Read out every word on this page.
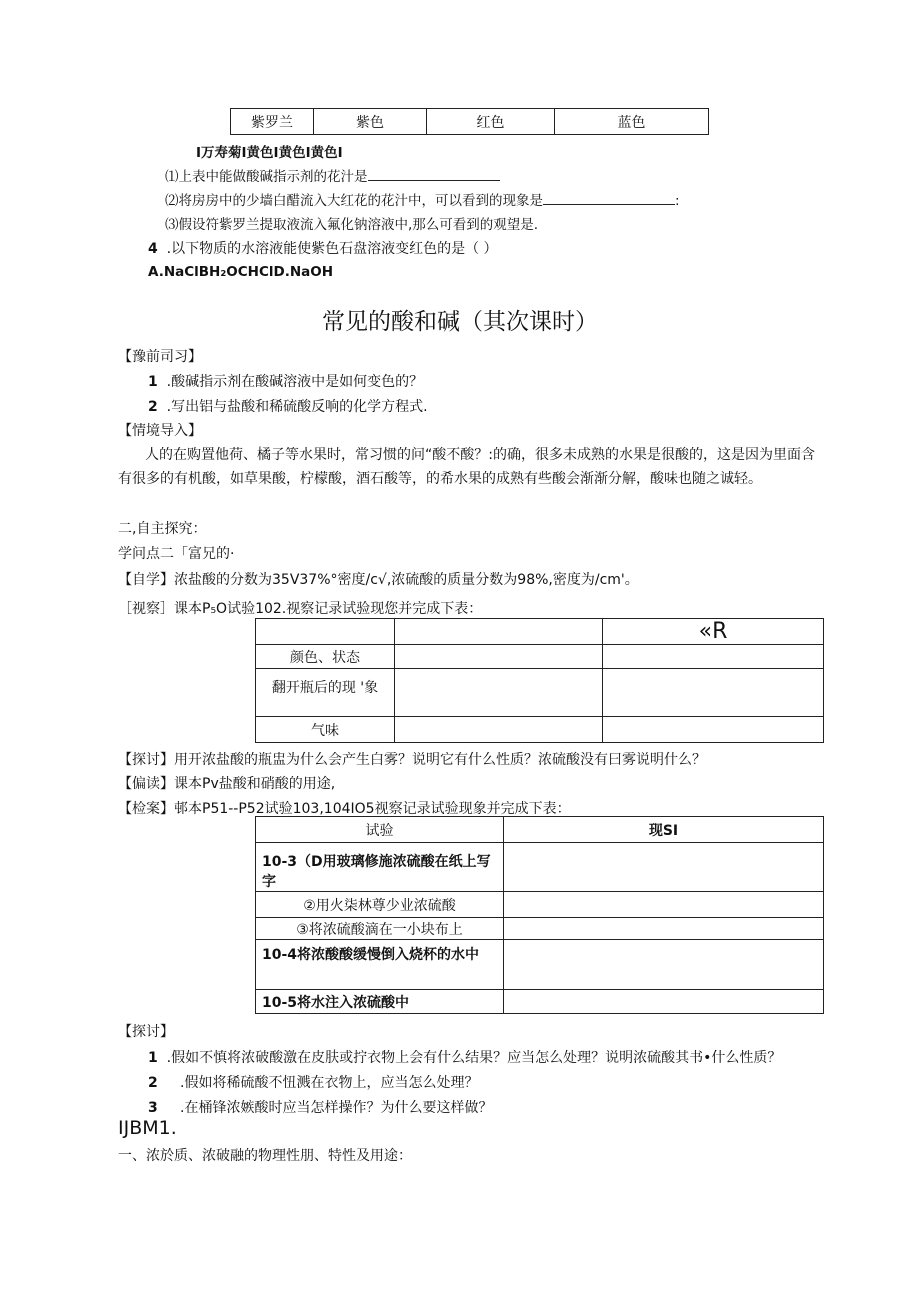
紫罗兰	紫色	红色	蓝色
I万寿菊I黄色I黄色I黄色I
⑴上表中能做酸碱指示剂的花汁是
⑵将房房中的少墙白醋流入大红花的花汁中，可以看到的现象是	:
⑶假设符紫罗兰提取液流入氟化钠溶液中,那么可看到的观望是.
4 .以下物质的水溶液能使紫色石盘溶液变红色的是（ ）
A.NaClBH₂OCHClD.NaOH
常见的酸和碱（其次课时）
【豫前司习】
1 .酸碱指示剂在酸碱溶液中是如何变色的？
2 .写出铝与盐酸和稀硫酸反响的化学方程式.
【情境导入】
人的在购置他荷、橘子等水果时，常习惯的问“酸不酸？:的确，很多未成熟的水果是很酸的，这是因为里面含
有很多的有机酸，如草果酸，柠檬酸，酒石酸等，的希水果的成熟有些酸会渐渐分解，酸味也随之诚轻。
二,自主探究：
学问点二「富兄的·
【自学】浓盐酸的分数为35V37%°密度/c√,浓硫酸的质量分数为98%,密度为/cm'。
［视察］课本P₅O试验102.视察记录试验现您并完成下表：
		«R
颜色、状态		
翻开瓶后的现 '象		
气味		
【探讨】用开浓盐酸的瓶盅为什么会产生白雾？说明它有什么性质？浓硫酸没有曰雾说明什么？
【偏读】课本Pv盐酸和硝酸的用途,
【检案】邨本P51--P52试验103,104IO5视察记录试验现象并完成下表：
试验	现SI
10-3（D用玻璃修施浓硫酸在纸上写字	
②用火柒林尊少业浓硫酸	
③将浓硫酸滴在一小块布上	
10-4将浓酸酸缓慢倒入烧杯的水中	
10-5将水注入浓硫酸中	
【探讨】
1 .假如不慎将浓破酸激在皮肤或拧衣物上会有什么结果？应当怎么处理？说明浓硫酸其书•什么性质？
2 .假如将稀硫酸不忸溅在衣物上，应当怎么处理？
3 .在桶锋浓嫉酸时应当怎样操作？为什么要这样做？
IJBM1.
一、浓於质、浓破融的物理性朋、特性及用途：
